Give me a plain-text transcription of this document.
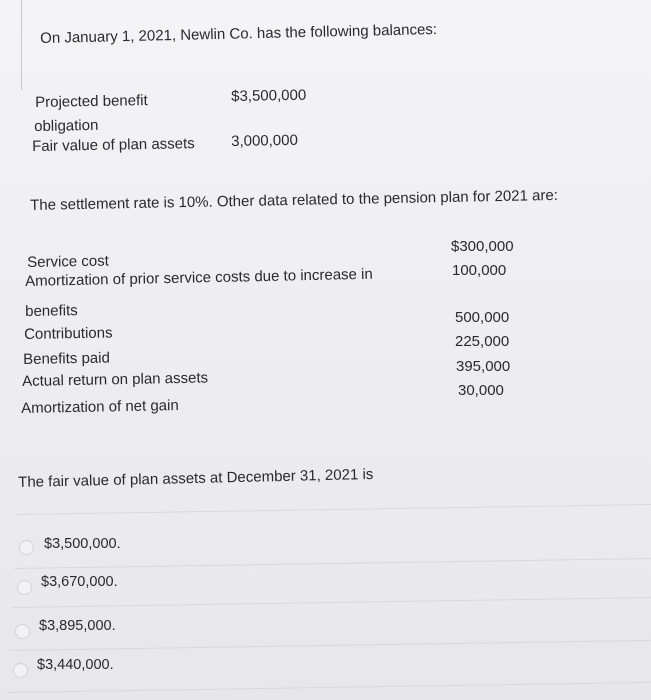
On January 1, 2021, Newlin Co. has the following balances:
Projected benefit
obligation
$3,500,000
Fair value of plan assets 3,000,000
The settlement rate is 10%. Other data related to the pension plan for 2021 are:
Service cost
$300,000
Amortization of prior service costs due to increase in
benefits
100,000
Contributions
500,000
Benefits paid
225,000
Actual return on plan assets
395,000
Amortization of net gain
30,000
The fair value of plan assets at December 31, 2021 is
$3,500,000.
$3,670,000.
$3,895,000.
$3,440,000.
